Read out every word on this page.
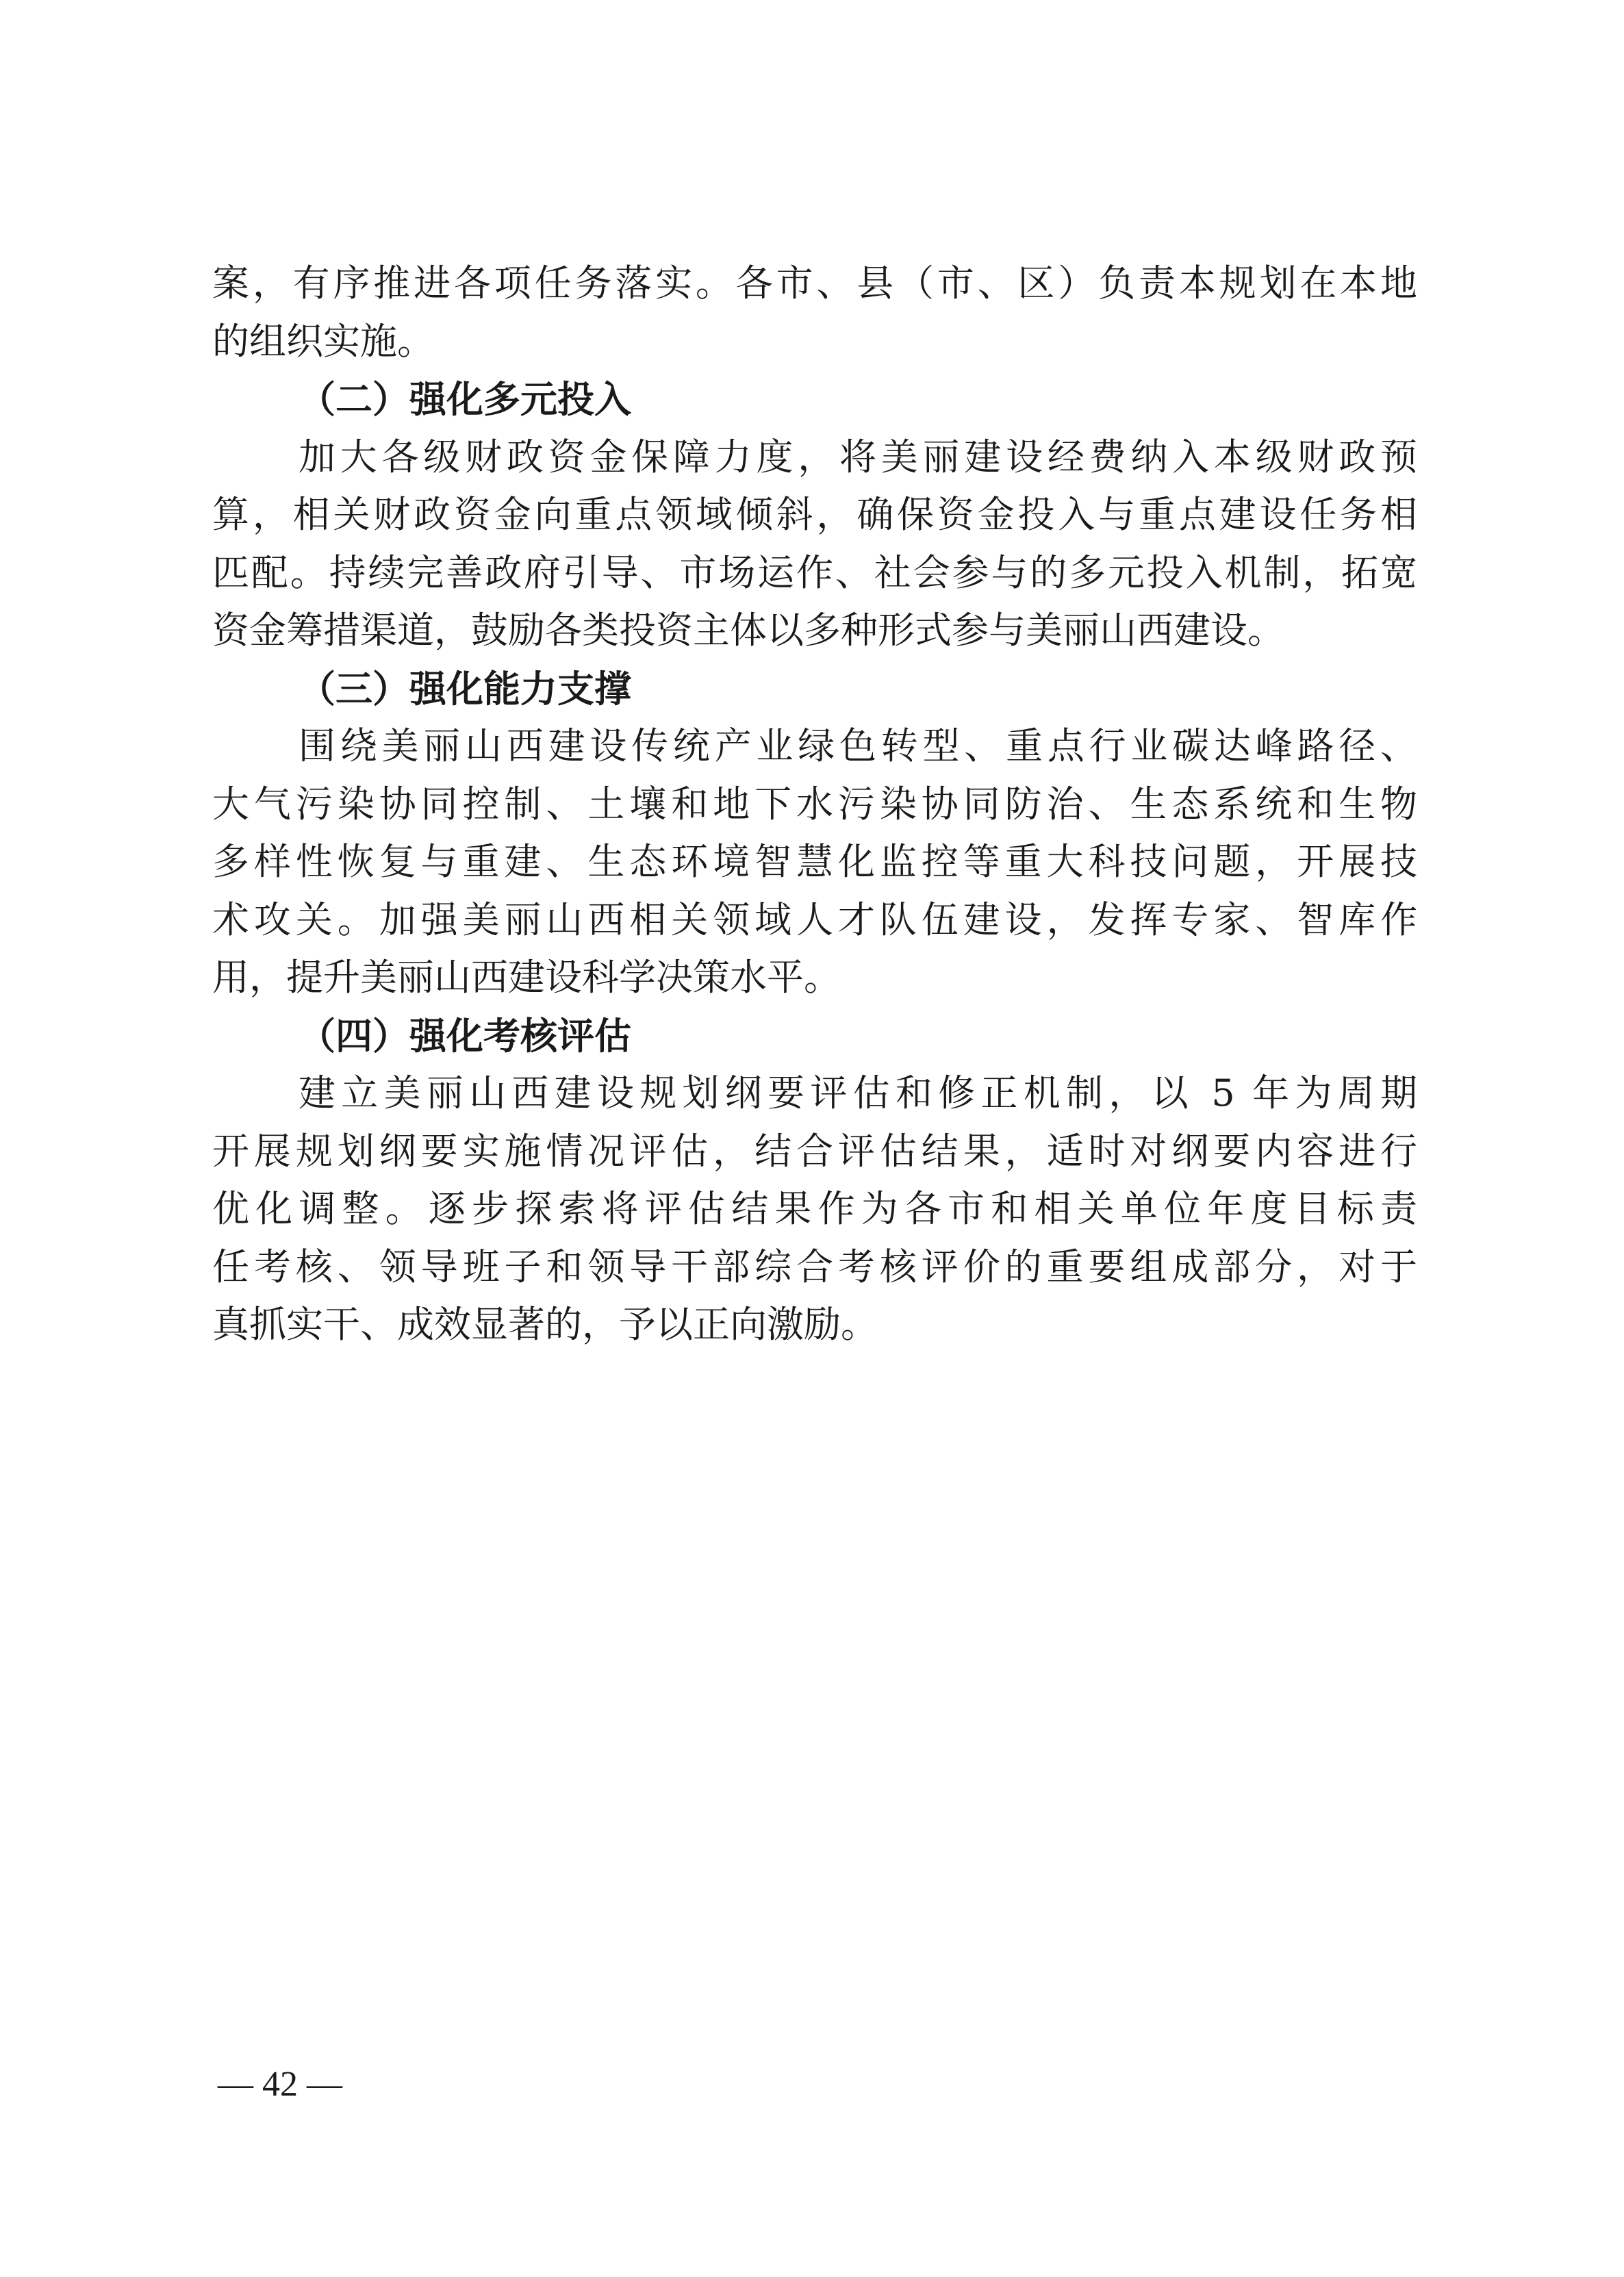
案，有序推进各项任务落实。各市、县（市、区）负责本规划在本地
的组织实施。
（二）强化多元投入
加大各级财政资金保障力度，将美丽建设经费纳入本级财政预
算，相关财政资金向重点领域倾斜，确保资金投入与重点建设任务相
匹配。持续完善政府引导、市场运作、社会参与的多元投入机制，拓宽
资金筹措渠道，鼓励各类投资主体以多种形式参与美丽山西建设。
（三）强化能力支撑
围绕美丽山西建设传统产业绿色转型、重点行业碳达峰路径、
大气污染协同控制、土壤和地下水污染协同防治、生态系统和生物
多样性恢复与重建、生态环境智慧化监控等重大科技问题，开展技
术攻关。加强美丽山西相关领域人才队伍建设，发挥专家、智库作
用，提升美丽山西建设科学决策水平。
（四）强化考核评估
建立美丽山西建设规划纲要评估和修正机制，以 5 年为周期
开展规划纲要实施情况评估，结合评估结果，适时对纲要内容进行
优化调整。逐步探索将评估结果作为各市和相关单位年度目标责
任考核、领导班子和领导干部综合考核评价的重要组成部分，对于
真抓实干、成效显著的，予以正向激励。
— 42 —
